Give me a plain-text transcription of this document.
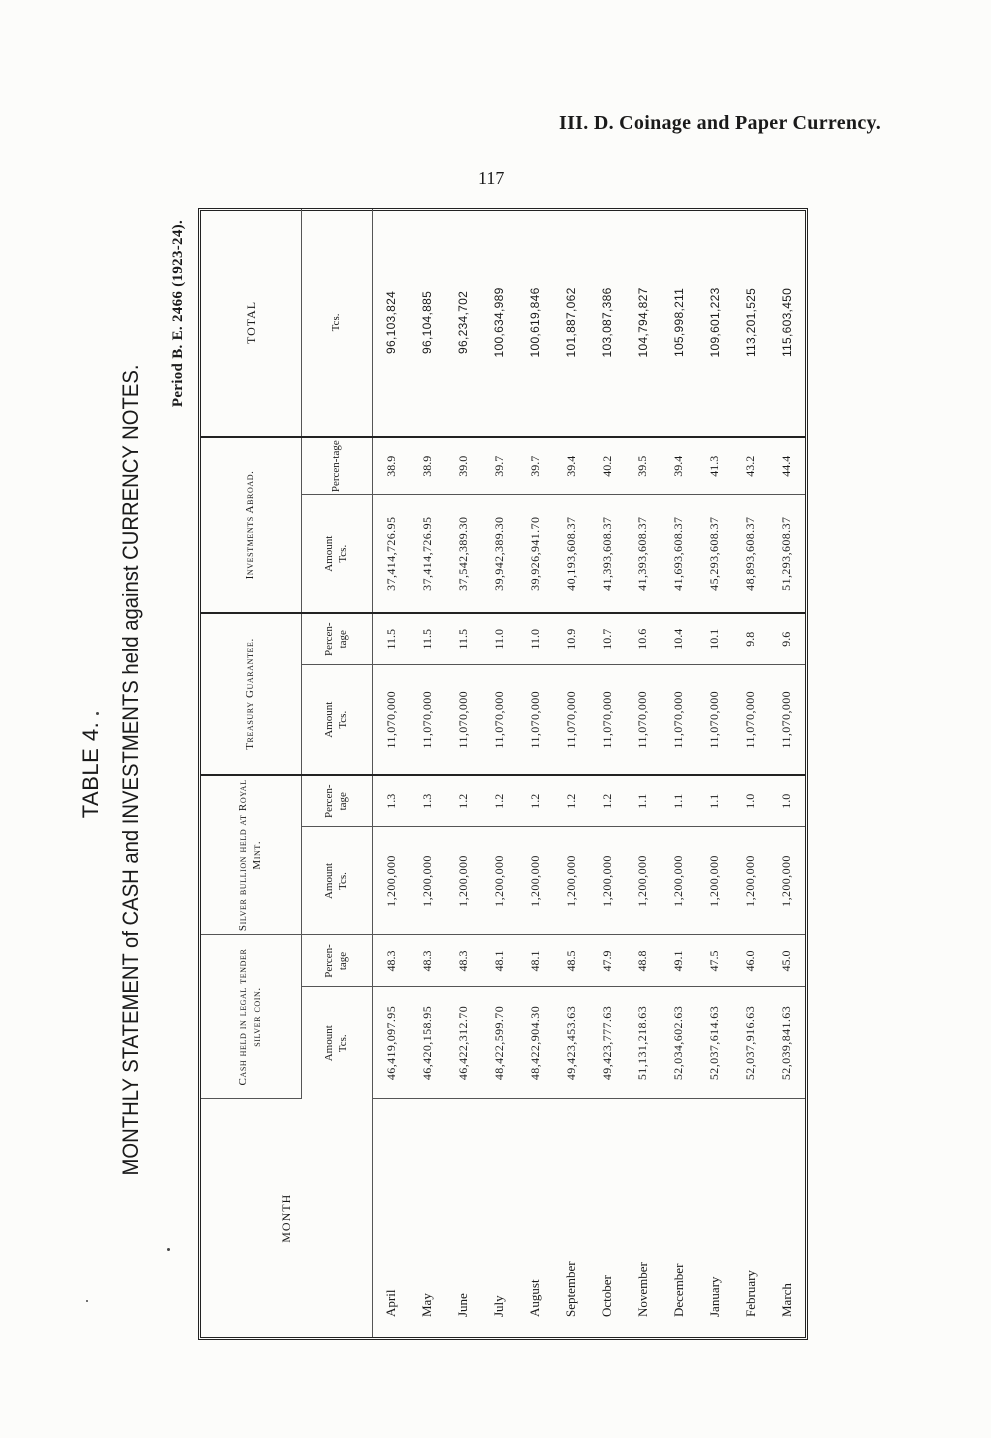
III. D. Coinage and Paper Currency.
117
TABLE 4. MONTHLY STATEMENT of CASH and INVESTMENTS held against CURRENCY NOTES.
Period B. E. 2466 (1923-24).
MONTH	Cash held in legal tender silver coin.		Silver bullion held at Royal Mint.		Treasury Guarantee.		Investments Abroad.		TOTAL
	Amount Tcs.	Percen-tage	Amount Tcs.	Percen-tage	Amount Tcs.	Percen-tage	Amount Tcs.	Percen-tage	Tcs.
April	46,419,097.95	48.3	1,200,000	1.3	11,070,000	11.5	37,414,726.95	38.9	96,103,824
May	46,420,158.95	48.3	1,200,000	1.3	11,070,000	11.5	37,414,726.95	38.9	96,104,885
June	46,422,312.70	48.3	1,200,000	1.2	11,070,000	11.5	37,542,389.30	39.0	96,234,702
July	48,422,599.70	48.1	1,200,000	1.2	11,070,000	11.0	39,942,389.30	39.7	100,634,989
August	48,422,904.30	48.1	1,200,000	1.2	11,070,000	11.0	39,926,941.70	39.7	100,619,846
September	49,423,453.63	48.5	1,200,000	1.2	11,070,000	10.9	40,193,608.37	39.4	101,887,062
October	49,423,777.63	47.9	1,200,000	1.2	11,070,000	10.7	41,393,608.37	40.2	103,087,386
November	51,131,218.63	48.8	1,200,000	1.1	11,070,000	10.6	41,393,608.37	39.5	104,794,827
December	52,034,602.63	49.1	1,200,000	1.1	11,070,000	10.4	41,693,608.37	39.4	105,998,211
January	52,037,614.63	47.5	1,200,000	1.1	11,070,000	10.1	45,293,608.37	41.3	109,601,223
February	52,037,916.63	46.0	1,200,000	1.0	11,070,000	9.8	48,893,608.37	43.2	113,201,525
March	52,039,841.63	45.0	1,200,000	1.0	11,070,000	9.6	51,293,608.37	44.4	115,603,450
